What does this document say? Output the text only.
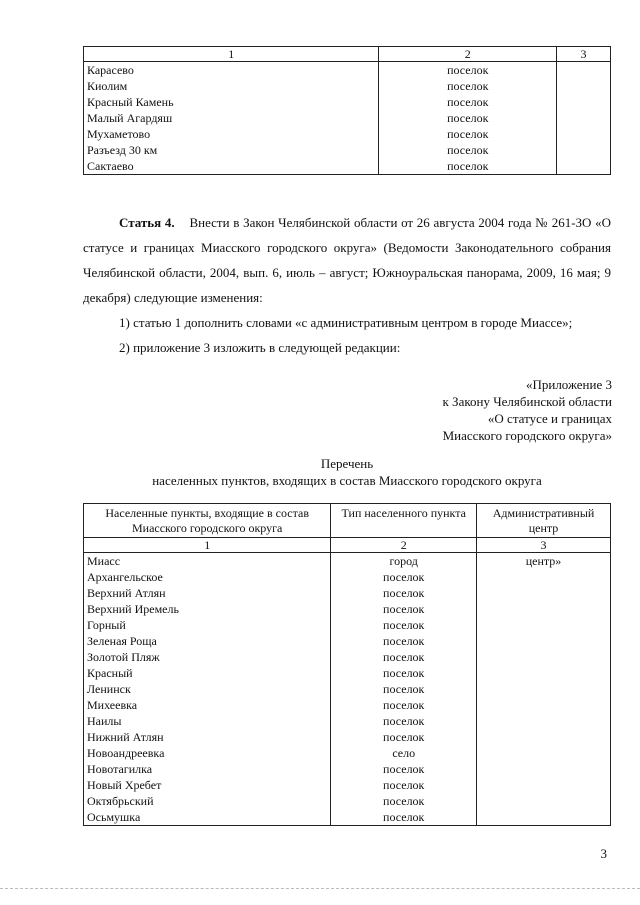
1	2	3
Карасево	поселок	
Киолим	поселок	
Красный Камень	поселок	
Малый Агардяш	поселок	
Мухаметово	поселок	
Разъезд 30 км	поселок	
Сактаево	поселок	

Статья 4. Внести в Закон Челябинской области от 26 августа 2004 года № 261-ЗО «О статусе и границах Миасского городского округа» (Ведомости Законодательного собрания Челябинской области, 2004, вып. 6, июль – август; Южноуральская панорама, 2009, 16 мая; 9 декабря) следующие изменения:

1) статью 1 дополнить словами «с административным центром в городе Миассе»;

2) приложение 3 изложить в следующей редакции:

«Приложение 3
к Закону Челябинской области
«О статусе и границах
Миасского городского округа»
Перечень
населенных пунктов, входящих в состав Миасского городского округа
Населенные пункты, входящие в состав Миасского городского округа	Тип населенного пункта	Административный центр
1	2	3
Миасс	город	центр»
Архангельское	поселок	
Верхний Атлян	поселок	
Верхний Иремель	поселок	
Горный	поселок	
Зеленая Роща	поселок	
Золотой Пляж	поселок	
Красный	поселок	
Ленинск	поселок	
Михеевка	поселок	
Наилы	поселок	
Нижний Атлян	поселок	
Новоандреевка	село	
Новотагилка	поселок	
Новый Хребет	поселок	
Октябрьский	поселок	
Осьмушка	поселок	
3
